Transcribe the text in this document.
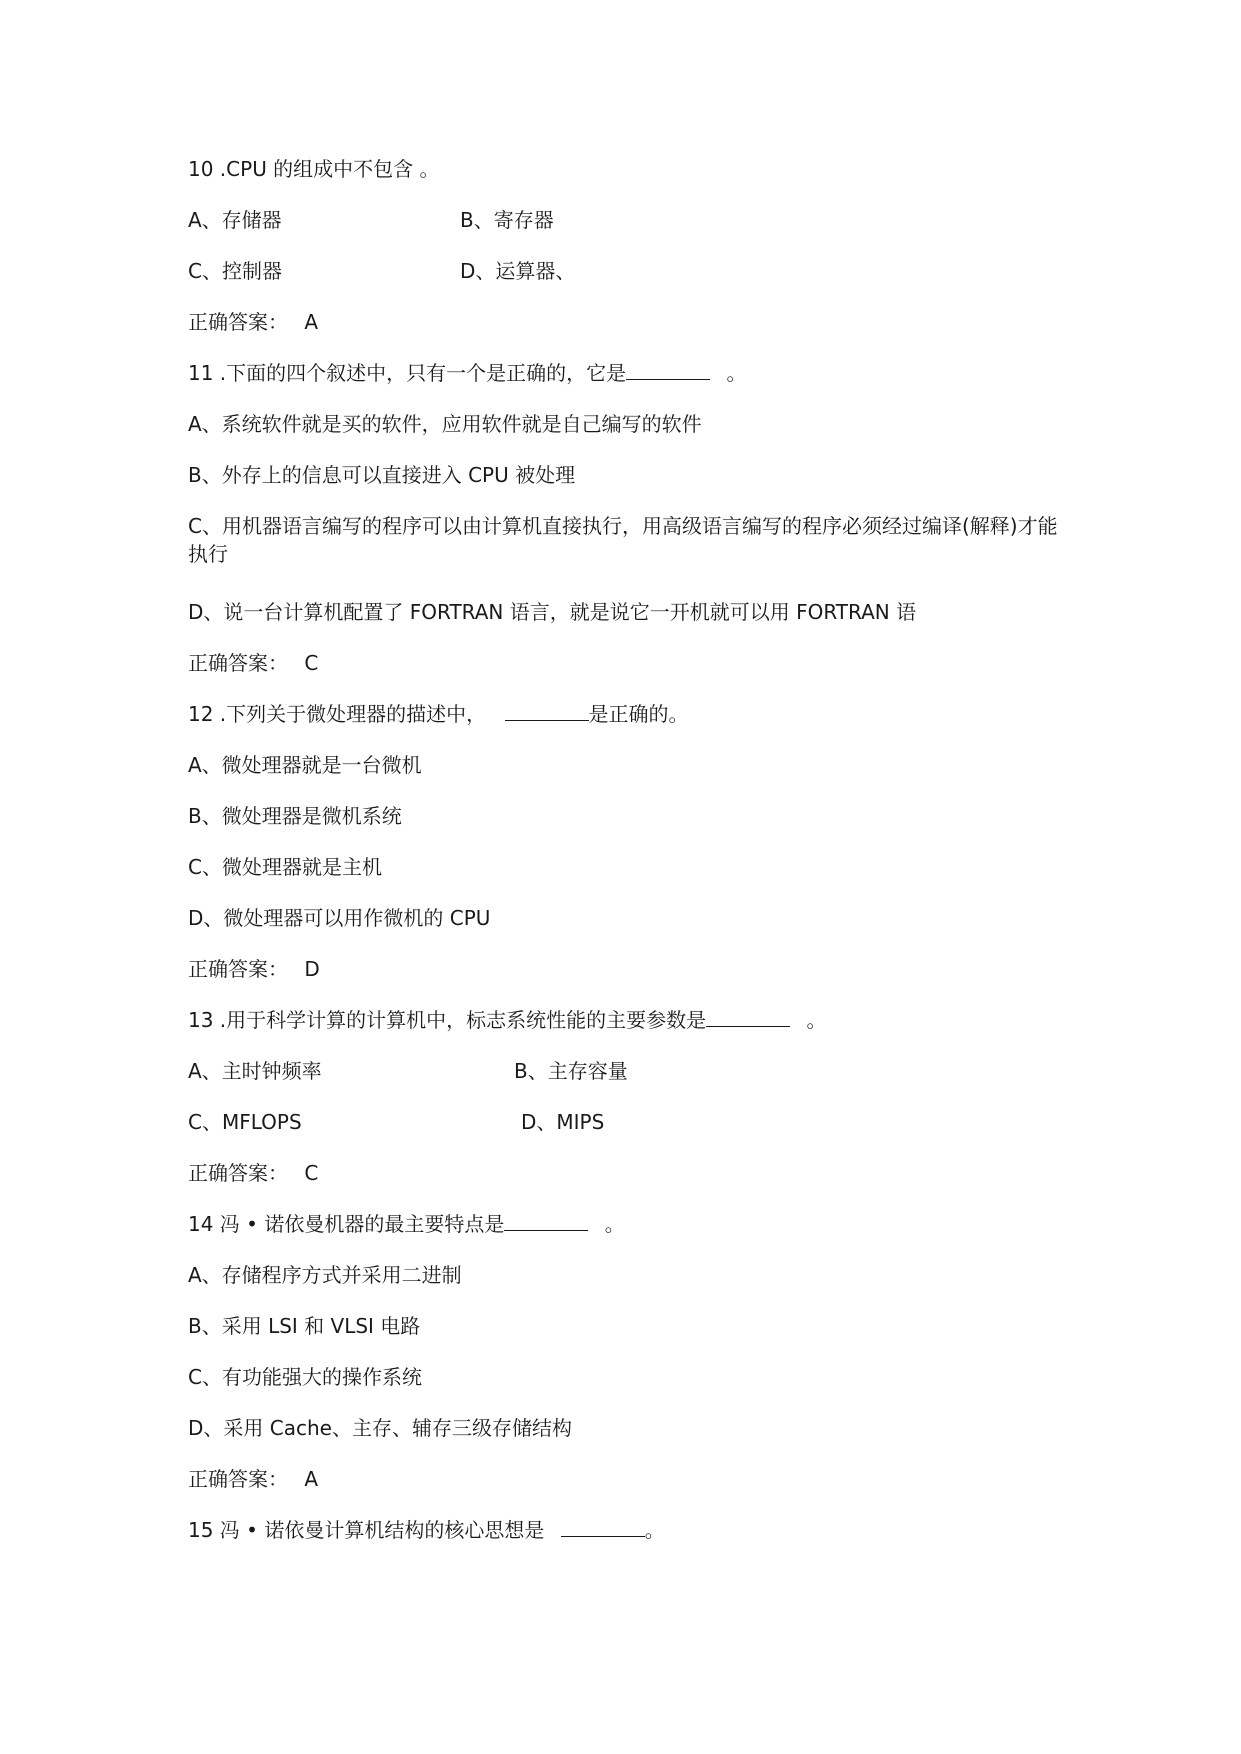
10 .CPU 的组成中不包含 。
A、存储器	B、寄存器
C、控制器	D、运算器、
正确答案： A
11 .下面的四个叙述中，只有一个是正确的，它是	。
A、系统软件就是买的软件，应用软件就是自己编写的软件
B、外存上的信息可以直接进入 CPU 被处理
C、用机器语言编写的程序可以由计算机直接执行，用高级语言编写的程序必须经过编译(解释)才能执行
D、说一台计算机配置了 FORTRAN 语言，就是说它一开机就可以用 FORTRAN 语
正确答案： C
12 .下列关于微处理器的描述中，	是正确的。
A、微处理器就是一台微机
B、微处理器是微机系统
C、微处理器就是主机
D、微处理器可以用作微机的 CPU
正确答案： D
13 .用于科学计算的计算机中，标志系统性能的主要参数是	。
A、主时钟频率	B、主存容量
C、MFLOPS	D、MIPS
正确答案： C
14 冯 • 诺依曼机器的最主要特点是	。
A、存储程序方式并采用二进制
B、采用 LSI 和 VLSI 电路
C、有功能强大的操作系统
D、采用 Cache、主存、辅存三级存储结构
正确答案： A
15 冯 • 诺依曼计算机结构的核心思想是	。
